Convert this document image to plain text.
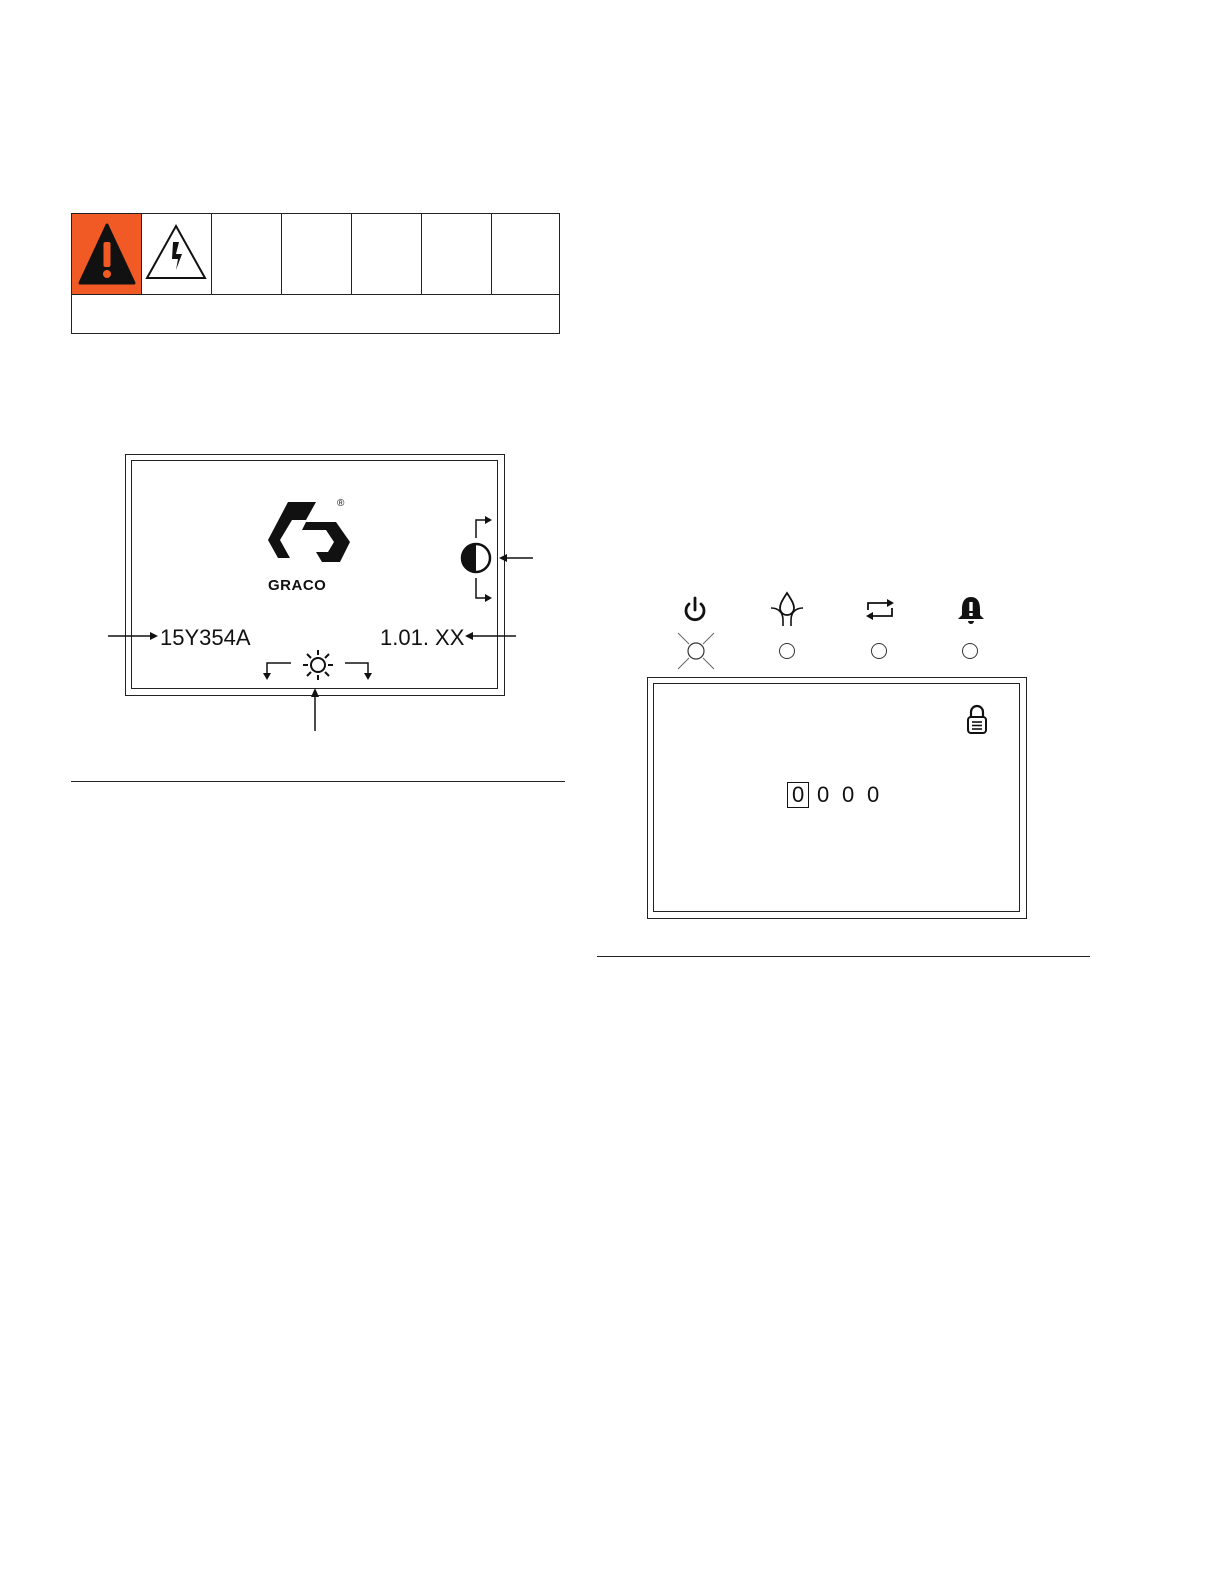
®
GRACO
15Y354A	1.01. XX
0 0 0 0
